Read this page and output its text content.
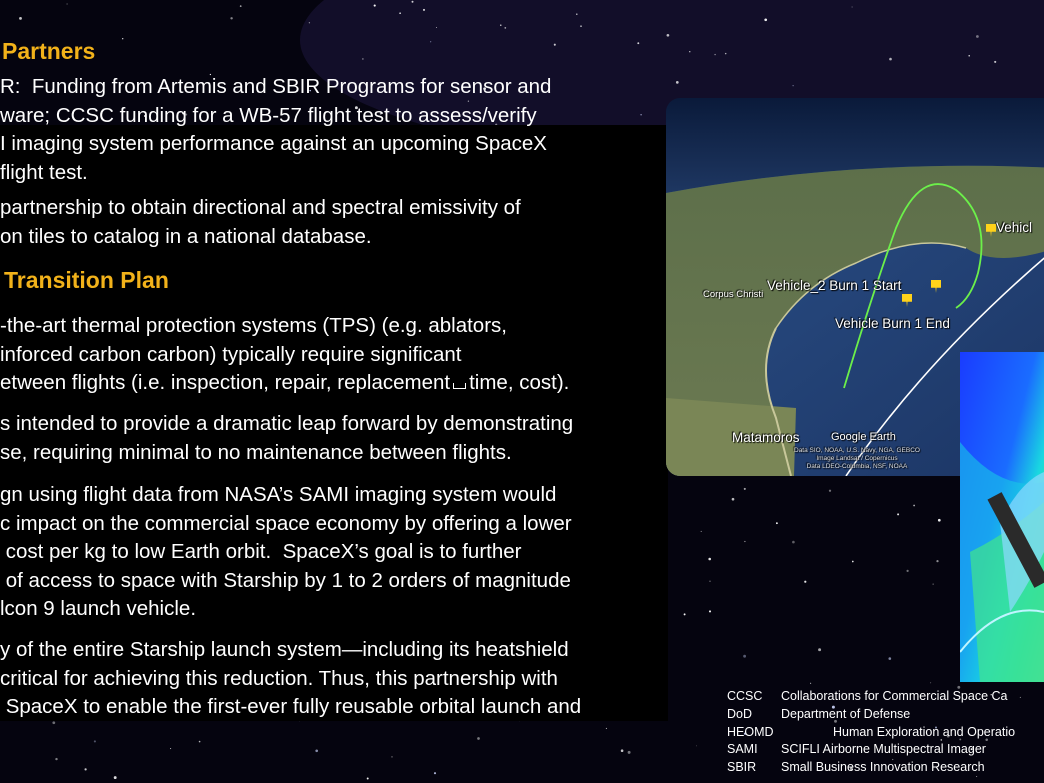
Partners
R:  Funding from Artemis and SBIR Programs for sensor and
ware; CCSC funding for a WB-57 flight test to assess/verify
I imaging system performance against an upcoming SpaceX
flight test.
partnership to obtain directional and spectral emissivity of
on tiles to catalog in a national database.
Transition Plan
-the-art thermal protection systems (TPS) (e.g. ablators,
inforced carbon carbon) typically require significant
etween flights (i.e. inspection, repair, replacement time, cost).
s intended to provide a dramatic leap forward by demonstrating
se, requiring minimal to no maintenance between flights.
gn using flight data from NASA’s SAMI imaging system would
c impact on the commercial space economy by offering a lower
cost per kg to low Earth orbit.  SpaceX’s goal is to further
of access to space with Starship by 1 to 2 orders of magnitude
lcon 9 launch vehicle.
y of the entire Starship launch system—including its heatshield
critical for achieving this reduction. Thus, this partnership with
SpaceX to enable the first-ever fully reusable orbital launch and
Vehicl
Vehicle_2 Burn 1 Start
Vehicle Burn 1 End
Corpus Christi
Matamoros	Google Earth
Data SIO, NOAA, U.S. Navy, NGA, GEBCO
Image Landsat / Copernicus
Data LDEO-Columbia, NSF, NOAA
CCSC Collaborations for Commercial Space Ca
DoD Department of Defense
HEOMD	Human Exploration and Operatio
SAMI SCIFLI Airborne Multispectral Imager
SBIR Small Business Innovation Research
